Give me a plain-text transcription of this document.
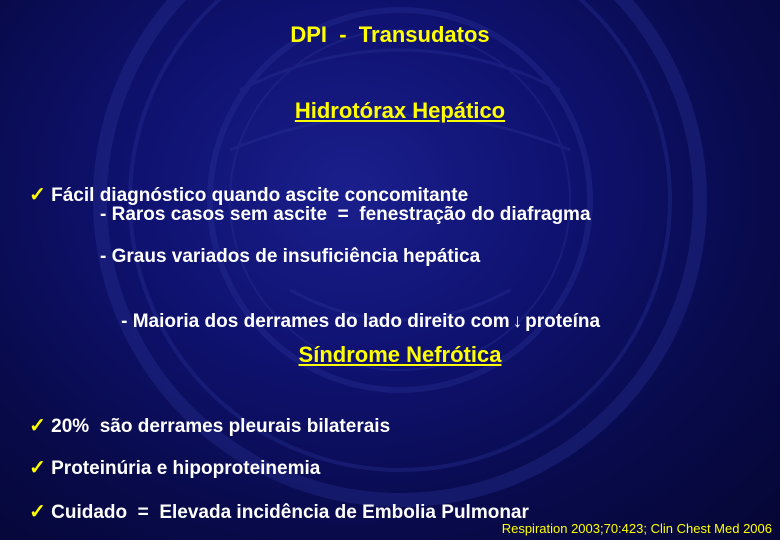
DPI  -  Transudatos
Hidrotórax Hepático

✓ Fácil diagnóstico quando ascite concomitante

- Raros casos sem ascite  =  fenestração do diafragma
- Graus variados de insuficiência hepática

- Maioria dos derrames do lado direito com ↓ proteína

Síndrome Nefrótica

✓ 20%  são derrames pleurais bilaterais

✓ Proteinúria e hipoproteinemia

✓ Cuidado  =  Elevada incidência de Embolia Pulmonar

Respiration 2003;70:423; Clin Chest Med 2006
